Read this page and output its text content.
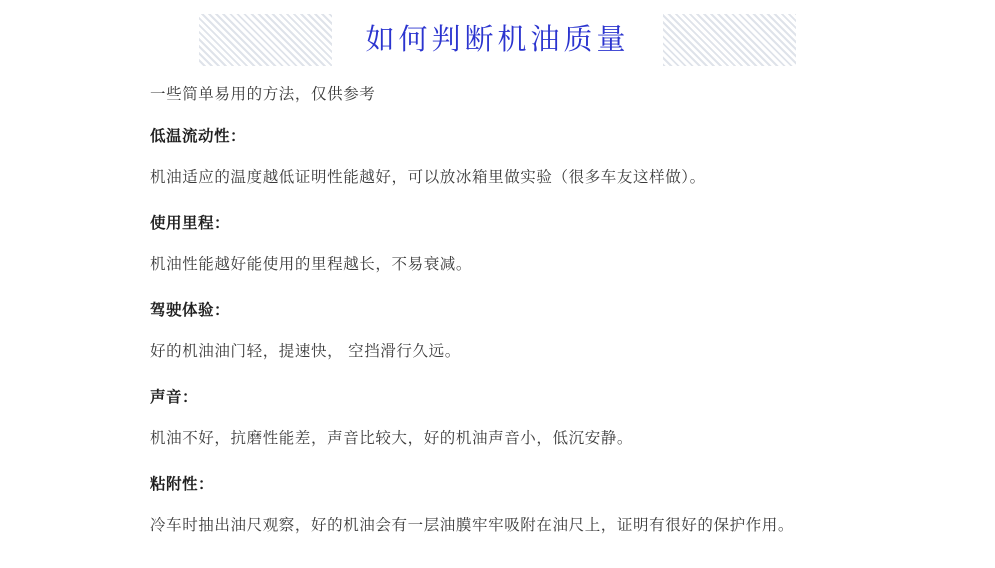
如何判断机油质量

一些简单易用的方法，仅供参考

低温流动性：

机油适应的温度越低证明性能越好，可以放冰箱里做实验（很多车友这样做）。

使用里程：

机油性能越好能使用的里程越长，不易衰减。

驾驶体验：

好的机油油门轻，提速快， 空挡滑行久远。

声音：

机油不好，抗磨性能差，声音比较大，好的机油声音小，低沉安静。

粘附性：

冷车时抽出油尺观察，好的机油会有一层油膜牢牢吸附在油尺上，证明有很好的保护作用。
